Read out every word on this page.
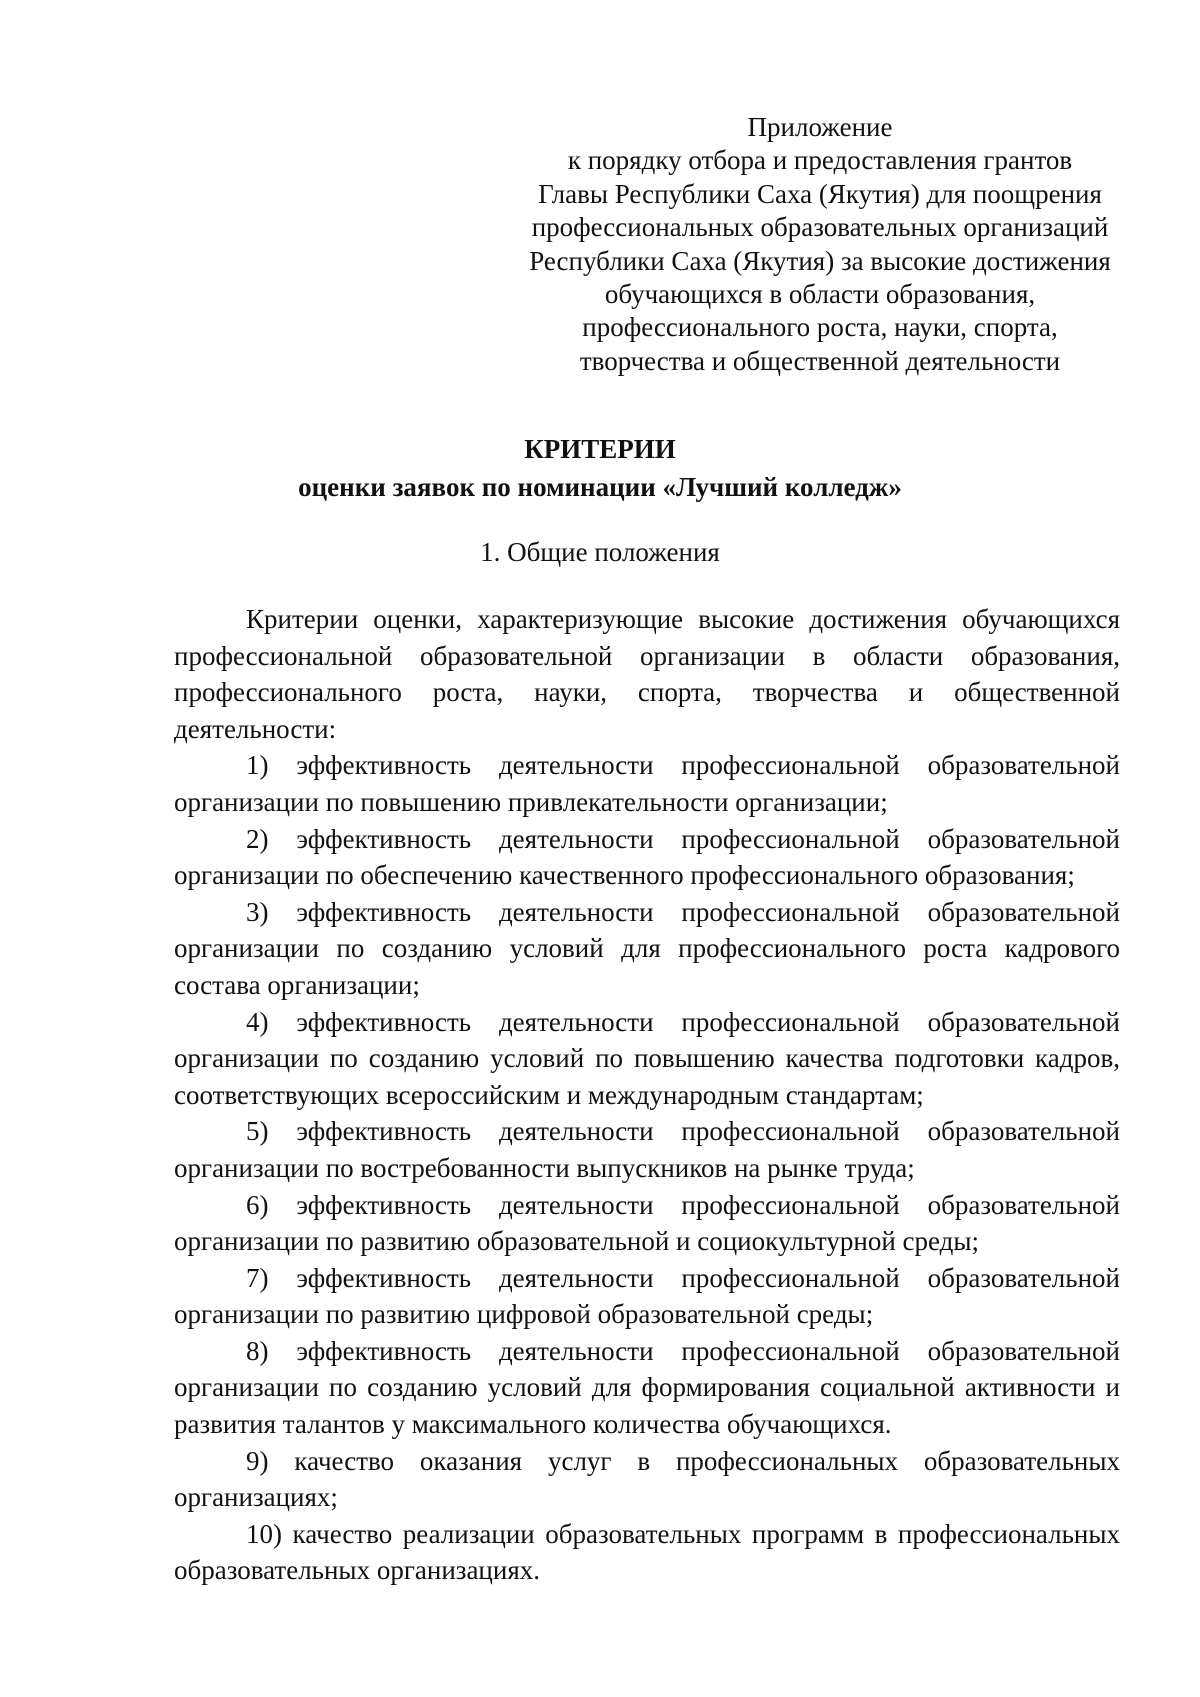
Приложение
к порядку отбора и предоставления грантов
Главы Республики Саха (Якутия) для поощрения
профессиональных образовательных организаций
Республики Саха (Якутия) за высокие достижения
обучающихся в области образования,
профессионального роста, науки, спорта,
творчества и общественной деятельности
КРИТЕРИИ
оценки заявок по номинации «Лучший колледж»
1. Общие положения

Критерии оценки, характеризующие высокие достижения обучающихся профессиональной образовательной организации в области образования, профессионального роста, науки, спорта, творчества и общественной деятельности:

1) эффективность деятельности профессиональной образовательной организации по повышению привлекательности организации;

2) эффективность деятельности профессиональной образовательной организации по обеспечению качественного профессионального образования;

3) эффективность деятельности профессиональной образовательной организации по созданию условий для профессионального роста кадрового состава организации;

4) эффективность деятельности профессиональной образовательной организации по созданию условий по повышению качества подготовки кадров, соответствующих всероссийским и международным стандартам;

5) эффективность деятельности профессиональной образовательной организации по востребованности выпускников на рынке труда;

6) эффективность деятельности профессиональной образовательной организации по развитию образовательной и социокультурной среды;

7) эффективность деятельности профессиональной образовательной организации по развитию цифровой образовательной среды;

8) эффективность деятельности профессиональной образовательной организации по созданию условий для формирования социальной активности и развития талантов у максимального количества обучающихся.

9) качество оказания услуг в профессиональных образовательных организациях;

10) качество реализации образовательных программ в профессиональных образовательных организациях.
